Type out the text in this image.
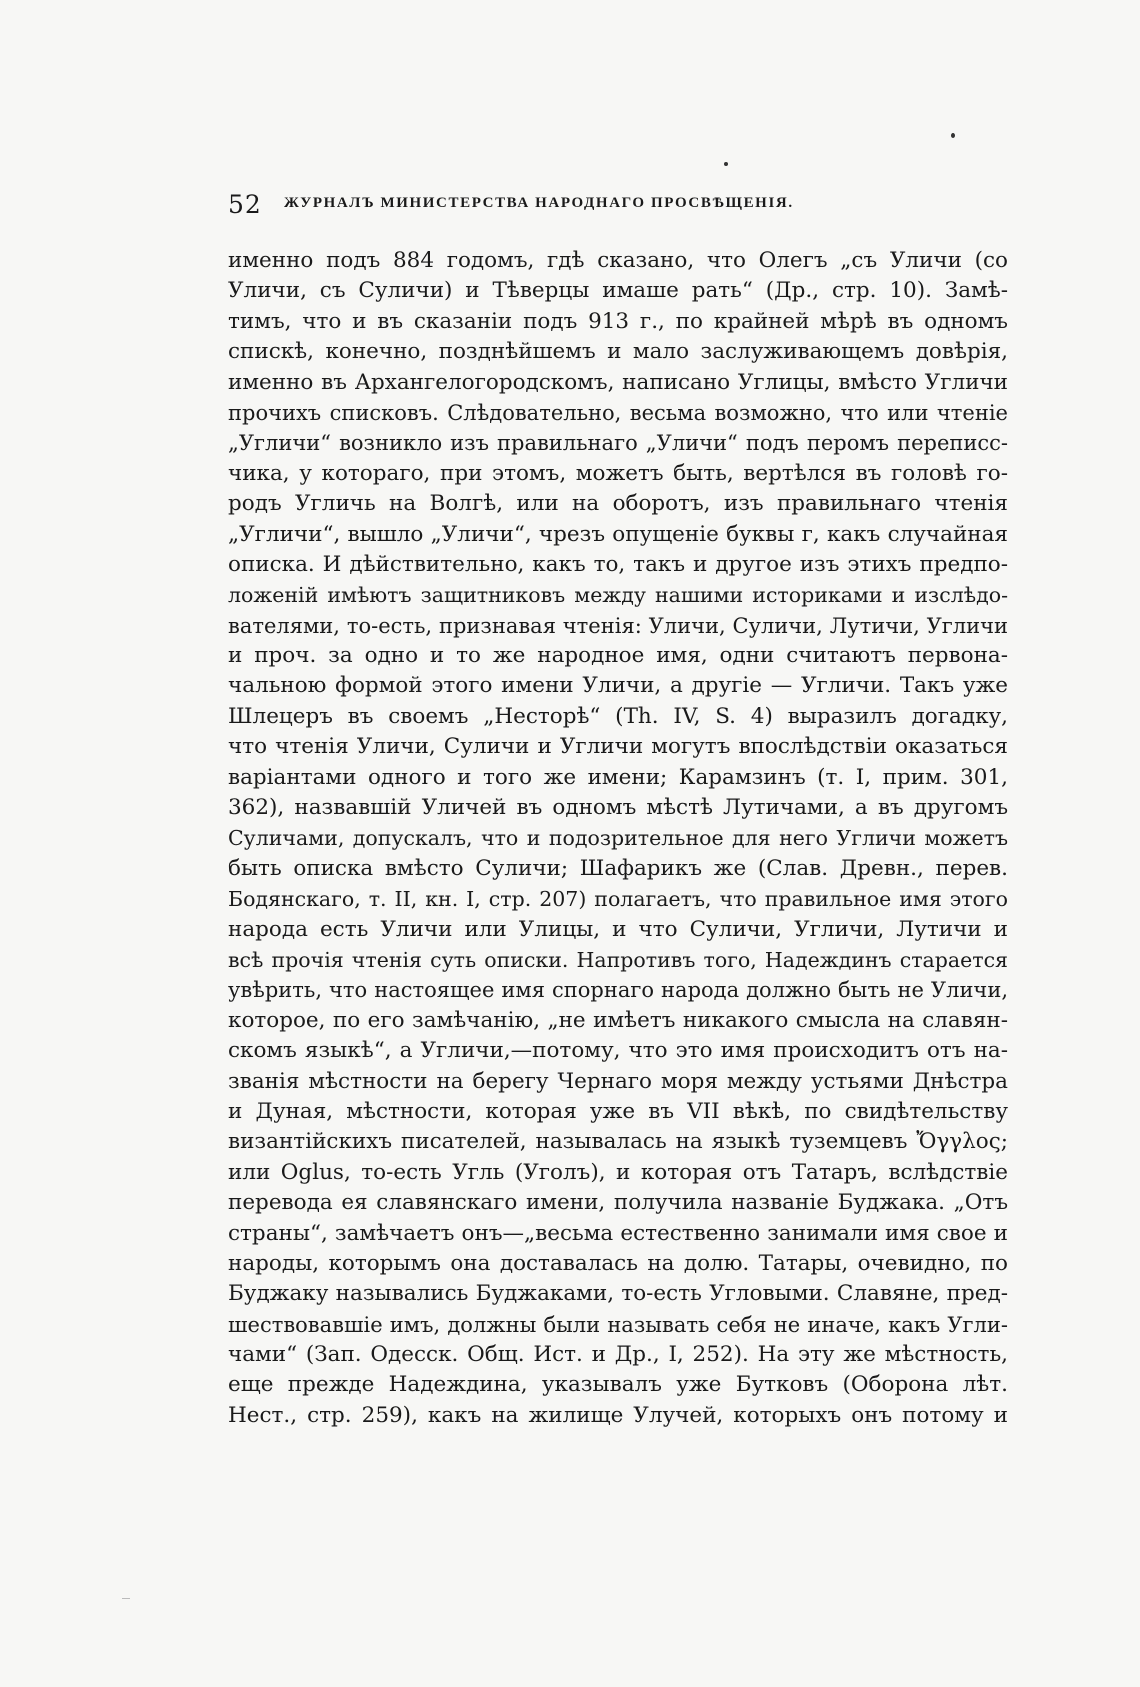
52 ЖУРНАЛЪ МИНИСТЕРСТВА НАРОДНАГО ПРОСВѢЩЕНІЯ.
именно подъ 884 годомъ, гдѣ сказано, что Олегъ „съ Уличи (со
Уличи, съ Суличи) и Тѣверцы имаше рать“ (Др., стр. 10). Замѣ-
тимъ, что и въ сказаніи подъ 913 г., по крайней мѣрѣ въ одномъ
спискѣ, конечно, позднѣйшемъ и мало заслуживающемъ довѣрія,
именно въ Архангелогородскомъ, написано Углицы, вмѣсто Угличи
прочихъ списковъ. Слѣдовательно, весьма возможно, что или чтеніе
„Угличи“ возникло изъ правильнаго „Уличи“ подъ перомъ переписс-
чика, у котораго, при этомъ, можетъ быть, вертѣлся въ головѣ го-
родъ Угличь на Волгѣ, или на оборотъ, изъ правильнаго чтенія
„Угличи“, вышло „Уличи“, чрезъ опущеніе буквы г, какъ случайная
описка. И дѣйствительно, какъ то, такъ и другое изъ этихъ предпо-
ложеній имѣютъ защитниковъ между нашими историками и изслѣдо-
вателями, то-есть, признавая чтенія: Уличи, Суличи, Лутичи, Угличи
и проч. за одно и то же народное имя, одни считаютъ первона-
чальною формой этого имени Уличи, а другіе — Угличи. Такъ уже
Шлецеръ въ своемъ „Несторѣ“ (Th. IV, S. 4) выразилъ догадку,
что чтенія Уличи, Суличи и Угличи могутъ впослѣдствіи оказаться
варіантами одного и того же имени; Карамзинъ (т. I, прим. 301,
362), назвавшій Уличей въ одномъ мѣстѣ Лутичами, а въ другомъ
Суличами, допускалъ, что и подозрительное для него Угличи можетъ
быть описка вмѣсто Суличи; Шафарикъ же (Слав. Древн., перев.
Бодянскаго, т. II, кн. I, стр. 207) полагаетъ, что правильное имя этого
народа есть Уличи или Улицы, и что Суличи, Угличи, Лутичи и
всѣ прочія чтенія суть описки. Напротивъ того, Надеждинъ старается
увѣрить, что настоящее имя спорнаго народа должно быть не Уличи,
которое, по его замѣчанію, „не имѣетъ никакого смысла на славян-
скомъ языкѣ“, а Угличи,—потому, что это имя происходитъ отъ на-
званія мѣстности на берегу Чернаго моря между устьями Днѣстра
и Дуная, мѣстности, которая уже въ VII вѣкѣ, по свидѣтельству
византійскихъ писателей, называлась на языкѣ туземцевъ Ὄγγλος;
или Oglus, то-есть Угль (Уголъ), и которая отъ Татаръ, вслѣдствіе
перевода ея славянскаго имени, получила названіе Буджака. „Отъ
страны“, замѣчаетъ онъ—„весьма естественно занимали имя свое и
народы, которымъ она доставалась на долю. Татары, очевидно, по
Буджаку назывались Буджаками, то-есть Угловыми. Славяне, пред-
шествовавшіе имъ, должны были называть себя не иначе, какъ Угли-
чами“ (Зап. Одесск. Общ. Ист. и Др., I, 252). На эту же мѣстность,
еще прежде Надеждина, указывалъ уже Бутковъ (Оборона лѣт.
Нест., стр. 259), какъ на жилище Улучей, которыхъ онъ потому и
